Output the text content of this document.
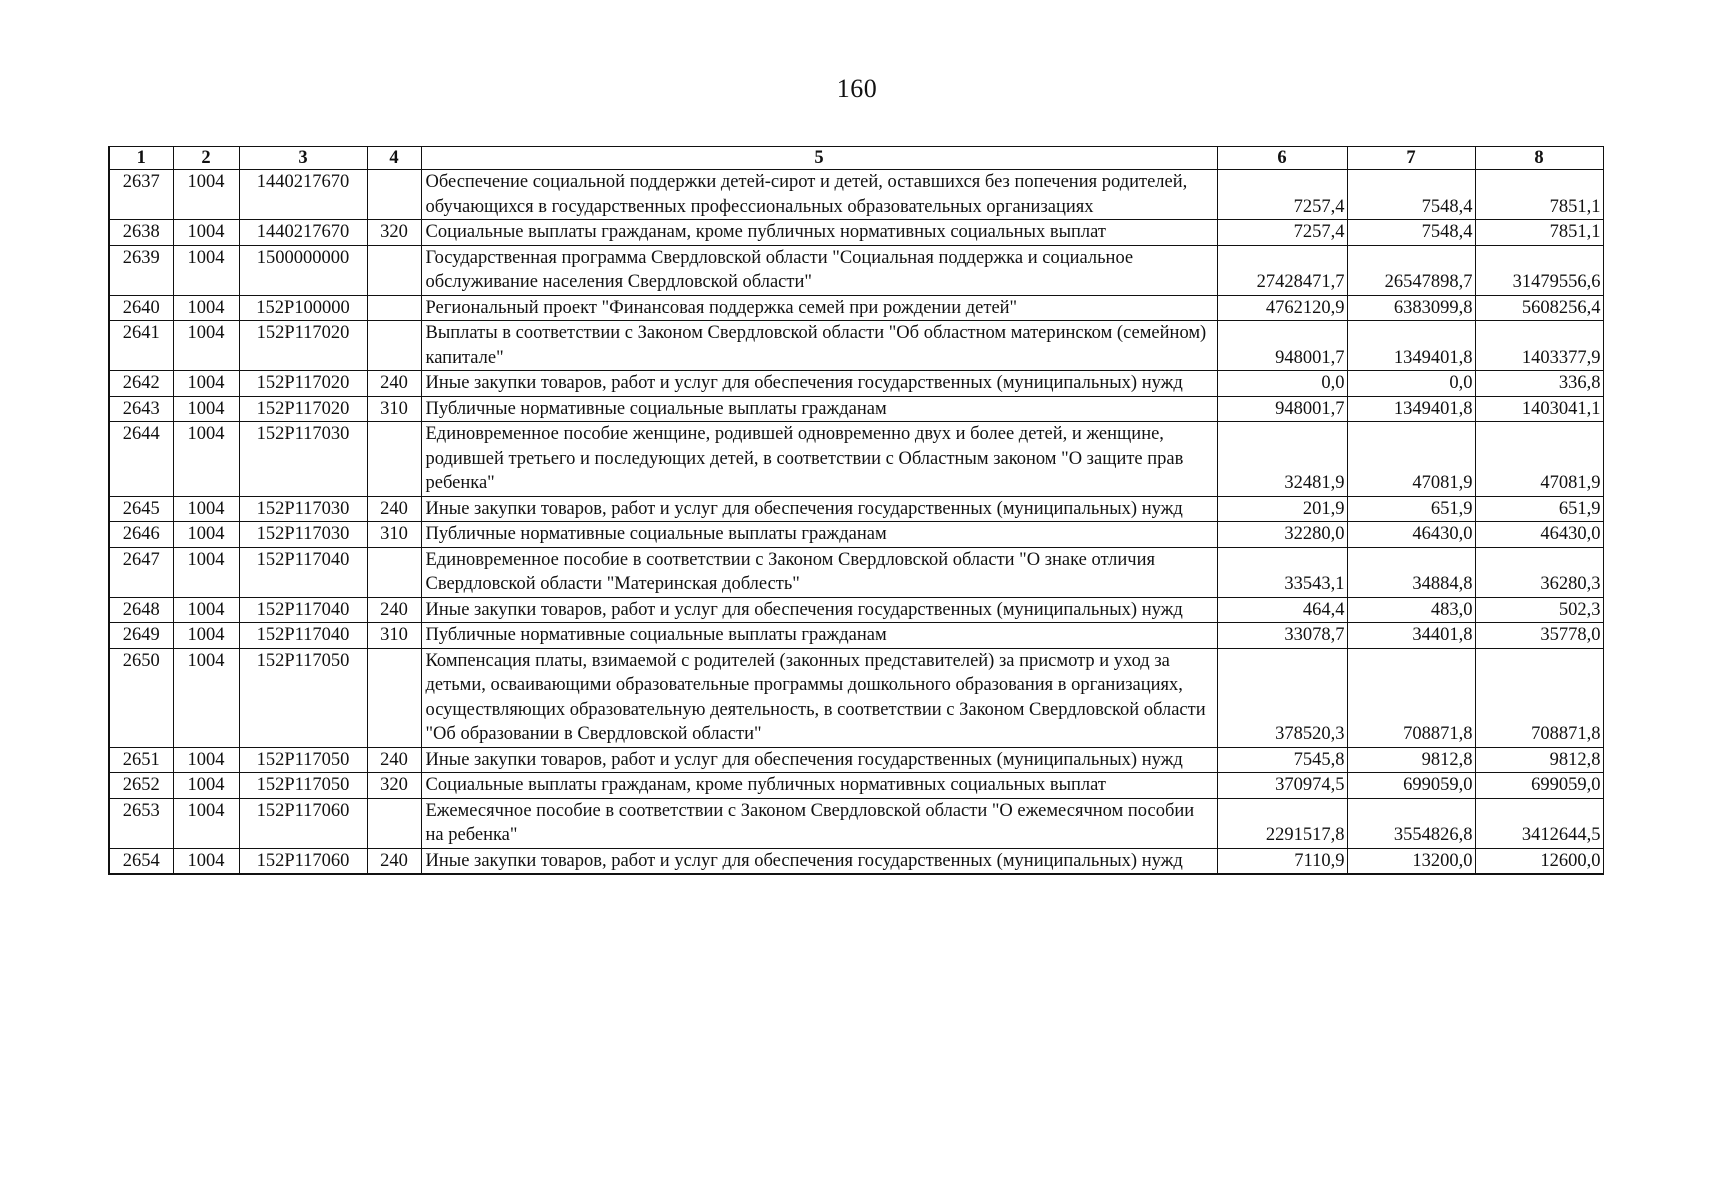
160
1	2	3	4	5	6	7	8
2637	1004	1440217670		Обеспечение социальной поддержки детей-сирот и детей, оставшихся без попечения родителей, обучающихся в государственных профессиональных образовательных организациях	7257,4	7548,4	7851,1
2638	1004	1440217670	320	Социальные выплаты гражданам, кроме публичных нормативных социальных выплат	7257,4	7548,4	7851,1
2639	1004	1500000000		Государственная программа Свердловской области "Социальная поддержка и социальное обслуживание населения Свердловской области"	27428471,7	26547898,7	31479556,6
2640	1004	152P100000		Региональный проект "Финансовая поддержка семей при рождении детей"	4762120,9	6383099,8	5608256,4
2641	1004	152P117020		Выплаты в соответствии с Законом Свердловской области "Об областном материнском (семейном) капитале"	948001,7	1349401,8	1403377,9
2642	1004	152P117020	240	Иные закупки товаров, работ и услуг для обеспечения государственных (муниципальных) нужд	0,0	0,0	336,8
2643	1004	152P117020	310	Публичные нормативные социальные выплаты гражданам	948001,7	1349401,8	1403041,1
2644	1004	152P117030		Единовременное пособие женщине, родившей одновременно двух и более детей, и женщине, родившей третьего и последующих детей, в соответствии с Областным законом "О защите прав ребенка"	32481,9	47081,9	47081,9
2645	1004	152P117030	240	Иные закупки товаров, работ и услуг для обеспечения государственных (муниципальных) нужд	201,9	651,9	651,9
2646	1004	152P117030	310	Публичные нормативные социальные выплаты гражданам	32280,0	46430,0	46430,0
2647	1004	152P117040		Единовременное пособие в соответствии с Законом Свердловской области "О знаке отличия Свердловской области "Материнская доблесть"	33543,1	34884,8	36280,3
2648	1004	152P117040	240	Иные закупки товаров, работ и услуг для обеспечения государственных (муниципальных) нужд	464,4	483,0	502,3
2649	1004	152P117040	310	Публичные нормативные социальные выплаты гражданам	33078,7	34401,8	35778,0
2650	1004	152P117050		Компенсация платы, взимаемой с родителей (законных представителей) за присмотр и уход за детьми, осваивающими образовательные программы дошкольного образования в организациях, осуществляющих образовательную деятельность, в соответствии с Законом Свердловской области "Об образовании в Свердловской области"	378520,3	708871,8	708871,8
2651	1004	152P117050	240	Иные закупки товаров, работ и услуг для обеспечения государственных (муниципальных) нужд	7545,8	9812,8	9812,8
2652	1004	152P117050	320	Социальные выплаты гражданам, кроме публичных нормативных социальных выплат	370974,5	699059,0	699059,0
2653	1004	152P117060		Ежемесячное пособие в соответствии с Законом Свердловской области "О ежемесячном пособии на ребенка"	2291517,8	3554826,8	3412644,5
2654	1004	152P117060	240	Иные закупки товаров, работ и услуг для обеспечения государственных (муниципальных) нужд	7110,9	13200,0	12600,0
